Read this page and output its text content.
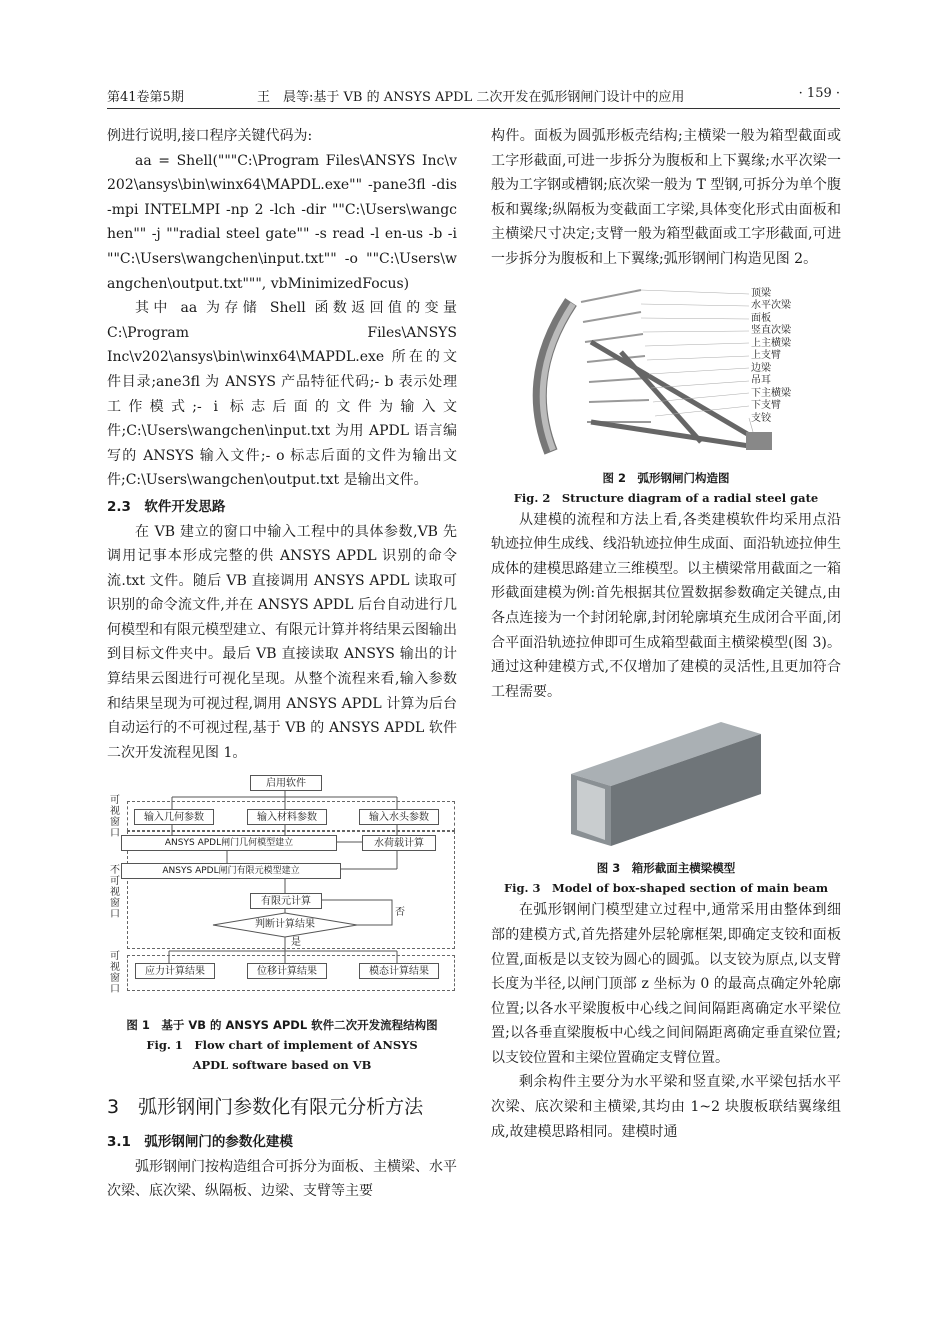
第41卷第5期	王　晨等:基于 VB 的 ANSYS APDL 二次开发在弧形钢闸门设计中的应用	· 159 ·

例进行说明,接口程序关键代码为:

aa = Shell("""C:\Program Files\ANSYS Inc\v202\ansys\bin\winx64\MAPDL.exe"" -pane3fl -dis -mpi INTELMPI -np 2 -lch -dir ""C:\Users\wangchen"" -j ""radial steel gate"" -s read -l en-us -b -i ""C:\Users\wangchen\input.txt"" -o ""C:\Users\wangchen\output.txt""", vbMinimizedFocus)

其中 aa 为存储 Shell 函数返回值的变量 C:\Program Files\ANSYS Inc\v202\ansys\bin\winx64\MAPDL.exe 所在的文件目录;ane3fl 为 ANSYS 产品特征代码;- b 表示处理工作模式;- i 标志后面的文件为输入文件;C:\Users\wangchen\input.txt 为用 APDL 语言编写的 ANSYS 输入文件;- o 标志后面的文件为输出文件;C:\Users\wangchen\output.txt 是输出文件。

2.3　软件开发思路

在 VB 建立的窗口中输入工程中的具体参数,VB 先调用记事本形成完整的供 ANSYS APDL 识别的命令流.txt 文件。随后 VB 直接调用 ANSYS APDL 读取可识别的命令流文件,并在 ANSYS APDL 后台自动进行几何模型和有限元模型建立、有限元计算并将结果云图输出到目标文件夹中。最后 VB 直接读取 ANSYS 输出的计算结果云图进行可视化呈现。从整个流程来看,输入参数和结果呈现为可视过程,调用 ANSYS APDL 计算为后台自动运行的不可视过程,基于 VB 的 ANSYS APDL 软件二次开发流程见图 1。

可视窗口
不可视窗口
可视窗口
启用软件
输入几何参数	输入材料参数	输入水头参数
ANSYS APDL闸门几何模型建立	水荷载计算
ANSYS APDL闸门有限元模型建立
有限元计算
判断计算结果
否
是
应力计算结果	位移计算结果	模态计算结果
图 1　基于 VB 的 ANSYS APDL 软件二次开发流程结构图
Fig. 1　Flow chart of implement of ANSYS APDL software based on VB
3　弧形钢闸门参数化有限元分析方法
3.1　弧形钢闸门的参数化建模

弧形钢闸门按构造组合可拆分为面板、主横梁、水平次梁、底次梁、纵隔板、边梁、支臂等主要

构件。面板为圆弧形板壳结构;主横梁一般为箱型截面或工字形截面,可进一步拆分为腹板和上下翼缘;水平次梁一般为工字钢或槽钢;底次梁一般为 T 型钢,可拆分为单个腹板和翼缘;纵隔板为变截面工字梁,具体变化形式由面板和主横梁尺寸决定;支臂一般为箱型截面或工字形截面,可进一步拆分为腹板和上下翼缘;弧形钢闸门构造见图 2。

顶梁
水平次梁
面板
竖直次梁
上主横梁
上支臂
边梁
吊耳
下主横梁
下支臂
支铰
图 2　弧形钢闸门构造图
Fig. 2　Structure diagram of a radial steel gate

从建模的流程和方法上看,各类建模软件均采用点沿轨迹拉伸生成线、线沿轨迹拉伸生成面、面沿轨迹拉伸生成体的建模思路建立三维模型。以主横梁常用截面之一箱形截面建模为例:首先根据其位置数据参数确定关键点,由各点连接为一个封闭轮廓,封闭轮廓填充生成闭合平面,闭合平面沿轨迹拉伸即可生成箱型截面主横梁模型(图 3)。通过这种建模方式,不仅增加了建模的灵活性,且更加符合工程需要。

图 3　箱形截面主横梁模型
Fig. 3　Model of box-shaped section of main beam

在弧形钢闸门模型建立过程中,通常采用由整体到细部的建模方式,首先搭建外层轮廓框架,即确定支铰和面板位置,面板是以支铰为圆心的圆弧。以支铰为原点,以支臂长度为半径,以闸门顶部 z 坐标为 0 的最高点确定外轮廓位置;以各水平梁腹板中心线之间间隔距离确定水平梁位置;以各垂直梁腹板中心线之间间隔距离确定垂直梁位置;以支铰位置和主梁位置确定支臂位置。

剩余构件主要分为水平梁和竖直梁,水平梁包括水平次梁、底次梁和主横梁,其均由 1~2 块腹板联结翼缘组成,故建模思路相同。建模时通
